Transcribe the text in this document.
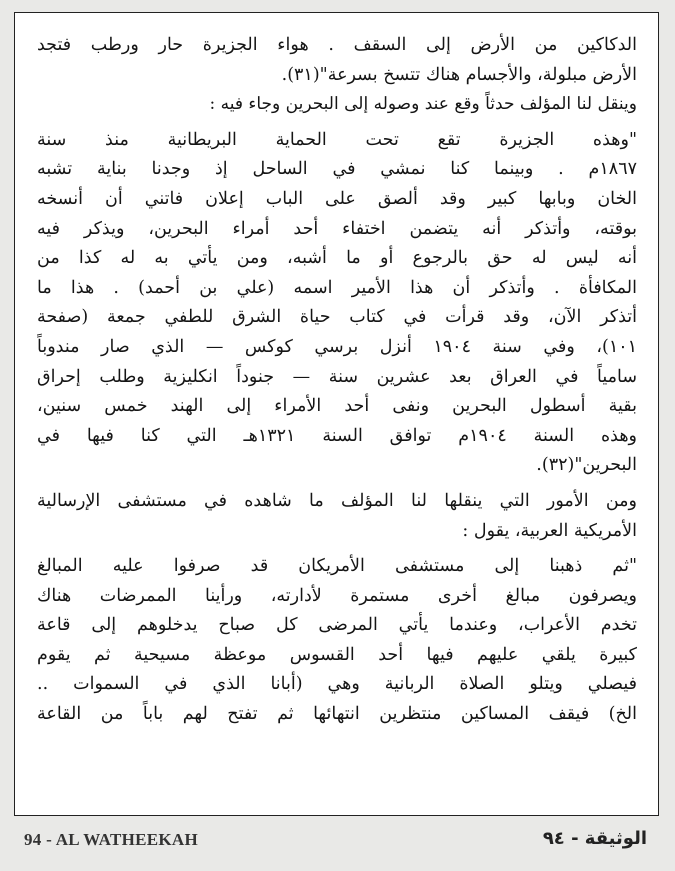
الدكاكين من الأرض إلى السقف . هواء الجزيرة حار ورطب فتجد
الأرض مبلولة، والأجسام هناك تتسخ بسرعة"(٣١).
وينقل لنا المؤلف حدثاً وقع عند وصوله إلى البحرين وجاء فيه :
"وهذه الجزيرة تقع تحت الحماية البريطانية منذ سنة
١٨٦٧م . وبينما كنا نمشي في الساحل إذ وجدنا بناية تشبه
الخان وبابها كبير وقد ألصق على الباب إعلان فاتني أن أنسخه
بوقته، وأتذكر أنه يتضمن اختفاء أحد أمراء البحرين، ويذكر فيه
أنه ليس له حق بالرجوع أو ما أشبه، ومن يأتي به له كذا من
المكافأة . وأتذكر أن هذا الأمير اسمه (علي بن أحمد) . هذا ما
أتذكر الآن، وقد قرأت في كتاب حياة الشرق للطفي جمعة (صفحة
١٠١)، وفي سنة ١٩٠٤ أنزل برسي كوكس — الذي صار مندوباً
سامياً في العراق بعد عشرين سنة — جنوداً انكليزية وطلب إحراق
بقية أسطول البحرين ونفى أحد الأمراء إلى الهند خمس سنين،
وهذه السنة ١٩٠٤م توافق السنة ١٣٢١هـ التي كنا فيها في
البحرين"(٣٢).
ومن الأمور التي ينقلها لنا المؤلف ما شاهده في مستشفى الإرسالية
الأمريكية العربية، يقول :
"ثم ذهبنا إلى مستشفى الأمريكان قد صرفوا عليه المبالغ
ويصرفون مبالغ أخرى مستمرة لأدارته، ورأينا الممرضات هناك
تخدم الأعراب، وعندما يأتي المرضى كل صباح يدخلوهم إلى قاعة
كبيرة يلقي عليهم فيها أحد القسوس موعظة مسيحية ثم يقوم
فيصلي ويتلو الصلاة الربانية وهي (أبانا الذي في السموات ..
الخ) فيقف المساكين منتظرين انتهائها ثم تفتح لهم باباً من القاعة
94 - AL WATHEEKAH	الوثيقة - ٩٤
